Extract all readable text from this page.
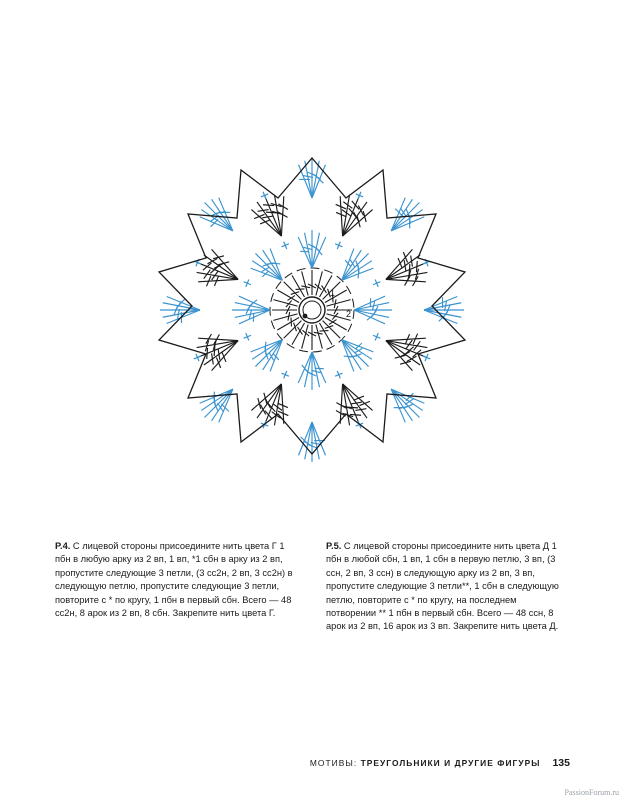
1
2

P.4. С лицевой стороны присоедините нить цвета Г 1 пбн в любую арку из 2 вп, 1 вп, *1 сбн в арку из 2 вп, пропустите следующие 3 петли, (3 сс2н, 2 вп, 3 сс2н) в следующую петлю, пропустите следующие 3 петли, повторите с * по кругу, 1 пбн в первый сбн. Всего — 48 сс2н, 8 арок из 2 вп, 8 сбн. Закрепите нить цвета Г.

P.5. С лицевой стороны присоедините нить цвета Д 1 пбн в любой сбн, 1 вп, 1 сбн в первую петлю, 3 вп, (3 ссн, 2 вп, 3 ссн) в следующую арку из 2 вп, 3 вп, пропустите следующие 3 петли**, 1 сбн в следующую петлю, повторите с * по кругу, на последнем потворении ** 1 пбн в первый сбн. Всего — 48 ссн, 8 арок из 2 вп, 16 арок из 3 вп. Закрепите нить цвета Д.

МОТИВЫ: ТРЕУГОЛЬНИКИ И ДРУГИЕ ФИГУРЫ 135
PassionForum.ru
